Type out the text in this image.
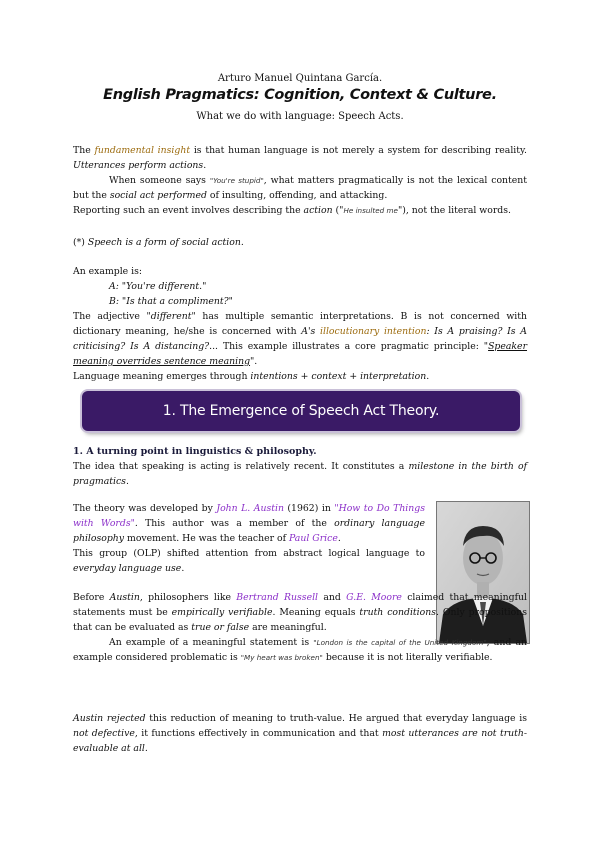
Arturo Manuel Quintana García.
English Pragmatics: Cognition, Context & Culture.
What we do with language: Speech Acts.

The fundamental insight is that human language is not merely a system for describing reality. Utterances perform actions.
When someone says "You're stupid", what matters pragmatically is not the lexical content but the social act performed of insulting, offending, and attacking.
Reporting such an event involves describing the action ("He insulted me"), not the literal words.

(*) Speech is a form of social action.

An example is:
A: "You're different."
B: "Is that a compliment?"
The adjective "different" has multiple semantic interpretations. B is not concerned with dictionary meaning, he/she is concerned with A's illocutionary intention: Is A praising? Is A criticising? Is A distancing?... This example illustrates a core pragmatic principle: "Speaker meaning overrides sentence meaning".
Language meaning emerges through intentions + context + interpretation.

1. The Emergence of Speech Act Theory.

1. A turning point in linguistics & philosophy.
The idea that speaking is acting is relatively recent. It constitutes a milestone in the birth of pragmatics.

The theory was developed by John L. Austin (1962) in "How to Do Things with Words". This author was a member of the ordinary language philosophy movement. He was the teacher of Paul Grice.
This group (OLP) shifted attention from abstract logical language to everyday language use.

Before Austin, philosophers like Bertrand Russell and G.E. Moore claimed that meaningful statements must be empirically verifiable. Meaning equals truth conditions. Only propositions that can be evaluated as true or false are meaningful.
An example of a meaningful statement is "London is the capital of the United Kingdom", and an example considered problematic is "My heart was broken" because it is not literally verifiable.

Austin rejected this reduction of meaning to truth-value. He argued that everyday language is not defective, it functions effectively in communication and that most utterances are not truth-evaluable at all.
